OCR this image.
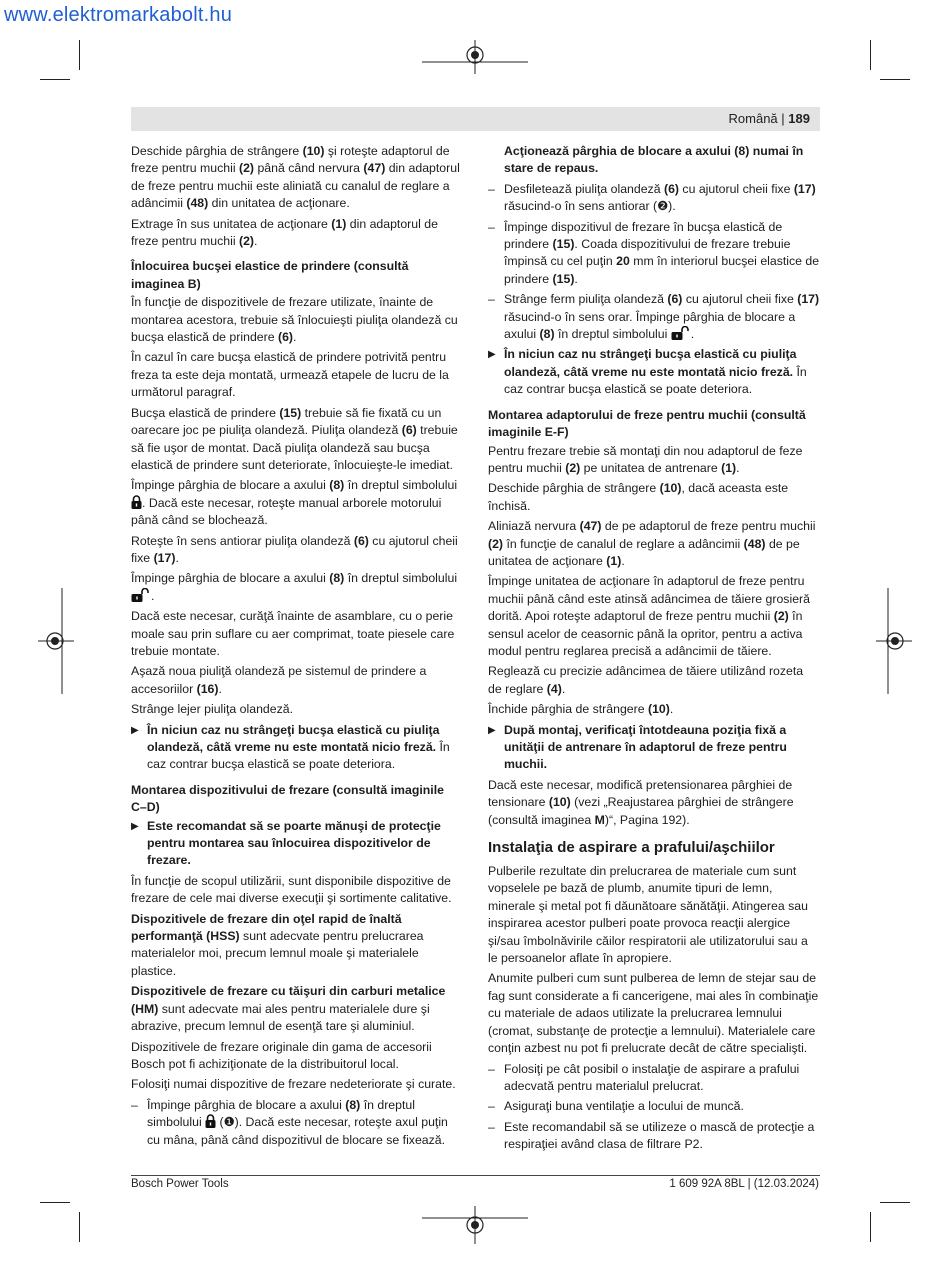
www.elektromarkabolt.hu
Română | 189

Deschide pârghia de strângere (10) şi roteşte adaptorul de freze pentru muchii (2) până când nervura (47) din adaptorul de freze pentru muchii este aliniată cu canalul de reglare a adâncimii (48) din unitatea de acţionare.

Extrage în sus unitatea de acţionare (1) din adaptorul de freze pentru muchii (2).

Înlocuirea bucşei elastice de prindere (consultă imaginea B)

În funcţie de dispozitivele de frezare utilizate, înainte de montarea acestora, trebuie să înlocuieşti piuliţa olandeză cu bucşa elastică de prindere (6).

În cazul în care bucşa elastică de prindere potrivită pentru freza ta este deja montată, urmează etapele de lucru de la următorul paragraf.

Bucşa elastică de prindere (15) trebuie să fie fixată cu un oarecare joc pe piuliţa olandeză. Piuliţa olandeză (6) trebuie să fie uşor de montat. Dacă piuliţa olandeză sau bucşa elastică de prindere sunt deteriorate, înlocuieşte-le imediat.

Împinge pârghia de blocare a axului (8) în dreptul simbolului . Dacă este necesar, roteşte manual arborele motorului până când se blochează.

Roteşte în sens antiorar piuliţa olandeză (6) cu ajutorul cheii fixe (17).

Împinge pârghia de blocare a axului (8) în dreptul simbolului .

Dacă este necesar, curăţă înainte de asamblare, cu o perie moale sau prin suflare cu aer comprimat, toate piesele care trebuie montate.

Aşază noua piuliţă olandeză pe sistemul de prindere a accesoriilor (16).

Strânge lejer piuliţa olandeză.

▶ În niciun caz nu strângeţi bucşa elastică cu piuliţa olandeză, câtă vreme nu este montată nicio freză. În caz contrar bucşa elastică se poate deteriora.
Montarea dispozitivului de frezare (consultă imaginile C–D)
▶ Este recomandat să se poarte mănuşi de protecţie pentru montarea sau înlocuirea dispozitivelor de frezare.

În funcţie de scopul utilizării, sunt disponibile dispozitive de frezare de cele mai diverse execuţii şi sortimente calitative.

Dispozitivele de frezare din oţel rapid de înaltă performanţă (HSS) sunt adecvate pentru prelucrarea materialelor moi, precum lemnul moale şi materialele plastice.

Dispozitivele de frezare cu tăişuri din carburi metalice (HM) sunt adecvate mai ales pentru materialele dure şi abrazive, precum lemnul de esenţă tare şi aluminiul.

Dispozitivele de frezare originale din gama de accesorii Bosch pot fi achiziţionate de la distribuitorul local.

Folosiţi numai dispozitive de frezare nedeteriorate şi curate.

– Împinge pârghia de blocare a axului (8) în dreptul simbolului  (❶). Dacă este necesar, roteşte axul puţin cu mâna, până când dispozitivul de blocare se fixează.
Acţionează pârghia de blocare a axului (8) numai în stare de repaus.
– Desfiletează piuliţa olandeză (6) cu ajutorul cheii fixe (17) răsucind-o în sens antiorar (❷).
– Împinge dispozitivul de frezare în bucşa elastică de prindere (15). Coada dispozitivului de frezare trebuie împinsă cu cel puţin 20 mm în interiorul bucşei elastice de prindere (15).
– Strânge ferm piuliţa olandeză (6) cu ajutorul cheii fixe (17) răsucind-o în sens orar. Împinge pârghia de blocare a axului (8) în dreptul simbolului .
▶ În niciun caz nu strângeţi bucşa elastică cu piuliţa olandeză, câtă vreme nu este montată nicio freză. În caz contrar bucşa elastică se poate deteriora.
Montarea adaptorului de freze pentru muchii (consultă imaginile E-F)

Pentru frezare trebie să montaţi din nou adaptorul de feze pentru muchii (2) pe unitatea de antrenare (1).

Deschide pârghia de strângere (10), dacă aceasta este închisă.

Aliniază nervura (47) de pe adaptorul de freze pentru muchii (2) în funcţie de canalul de reglare a adâncimii (48) de pe unitatea de acţionare (1).

Împinge unitatea de acţionare în adaptorul de freze pentru muchii până când este atinsă adâncimea de tăiere grosieră dorită. Apoi roteşte adaptorul de freze pentru muchii (2) în sensul acelor de ceasornic până la opritor, pentru a activa modul pentru reglarea precisă a adâncimii de tăiere.

Reglează cu precizie adâncimea de tăiere utilizând rozeta de reglare (4).

Închide pârghia de strângere (10).

▶ După montaj, verificaţi întotdeauna poziţia fixă a unităţii de antrenare în adaptorul de freze pentru muchii.

Dacă este necesar, modifică pretensionarea pârghiei de tensionare (10) (vezi „Reajustarea pârghiei de strângere (consultă imaginea M)“, Pagina 192).

Instalaţia de aspirare a prafului/aşchiilor

Pulberile rezultate din prelucrarea de materiale cum sunt vopselele pe bază de plumb, anumite tipuri de lemn, minerale şi metal pot fi dăunătoare sănătăţii. Atingerea sau inspirarea acestor pulberi poate provoca reacţii alergice şi/sau îmbolnăvirile căilor respiratorii ale utilizatorului sau a le persoanelor aflate în apropiere.

Anumite pulberi cum sunt pulberea de lemn de stejar sau de fag sunt considerate a fi cancerigene, mai ales în combinaţie cu materiale de adaos utilizate la prelucrarea lemnului (cromat, substanţe de protecţie a lemnului). Materialele care conţin azbest nu pot fi prelucrate decât de către specialişti.

– Folosiţi pe cât posibil o instalaţie de aspirare a prafului adecvată pentru materialul prelucrat.
– Asiguraţi buna ventilaţie a locului de muncă.
– Este recomandabil să se utilizeze o mască de protecţie a respiraţiei având clasa de filtrare P2.
Bosch Power Tools	1 609 92A 8BL | (12.03.2024)
